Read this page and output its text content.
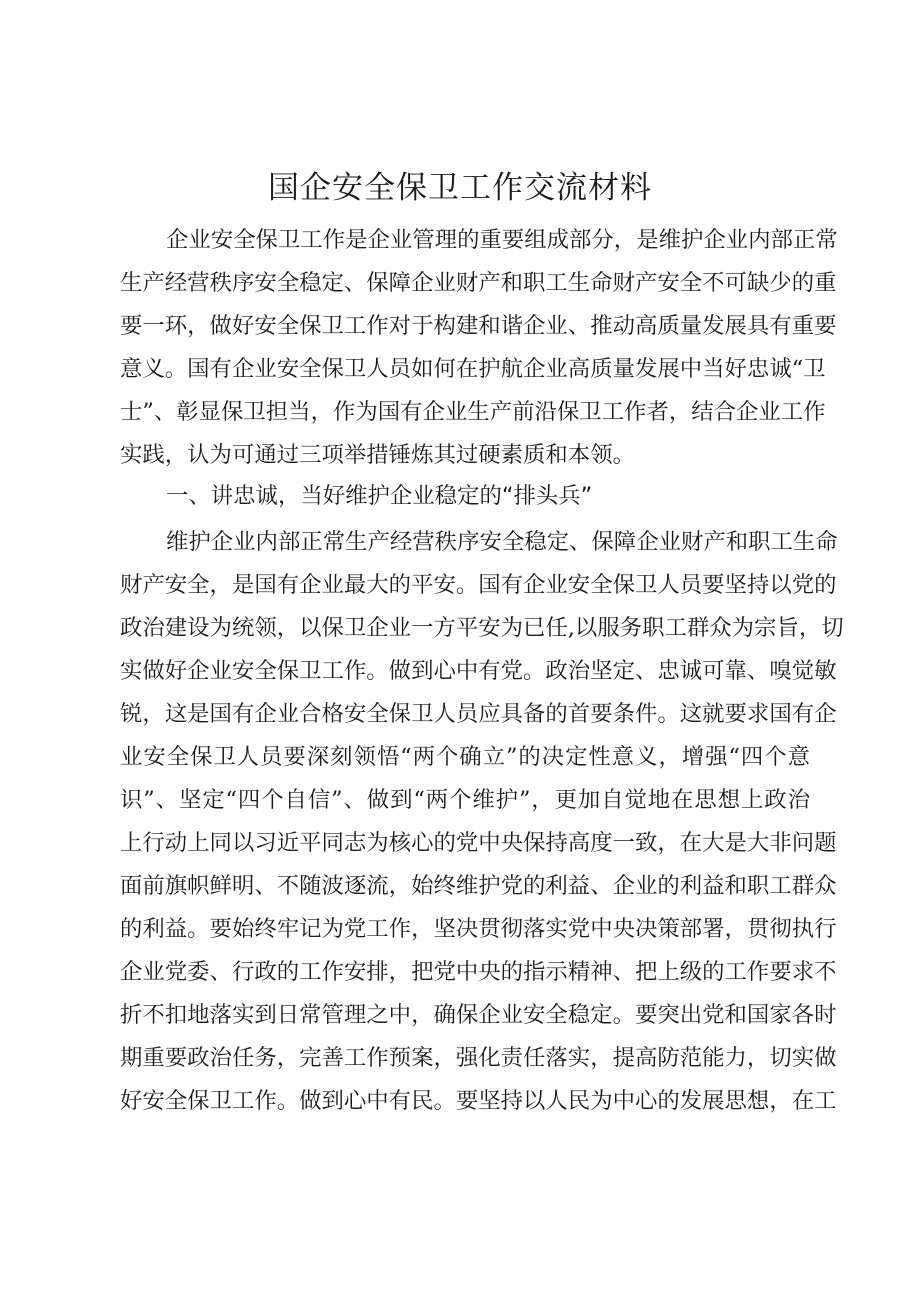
国企安全保卫工作交流材料
企业安全保卫工作是企业管理的重要组成部分，是维护企业内部正常
生产经营秩序安全稳定、保障企业财产和职工生命财产安全不可缺少的重
要一环，做好安全保卫工作对于构建和谐企业、推动高质量发展具有重要
意义。国有企业安全保卫人员如何在护航企业高质量发展中当好忠诚“卫
士”、彰显保卫担当，作为国有企业生产前沿保卫工作者，结合企业工作
实践，认为可通过三项举措锤炼其过硬素质和本领。
一、讲忠诚，当好维护企业稳定的“排头兵”
维护企业内部正常生产经营秩序安全稳定、保障企业财产和职工生命
财产安全，是国有企业最大的平安。国有企业安全保卫人员要坚持以党的
政治建设为统领，以保卫企业一方平安为已任,以服务职工群众为宗旨，切
实做好企业安全保卫工作。做到心中有党。政治坚定、忠诚可靠、嗅觉敏
锐，这是国有企业合格安全保卫人员应具备的首要条件。这就要求国有企
业安全保卫人员要深刻领悟“两个确立”的决定性意义，增强“四个意
识”、坚定“四个自信”、做到“两个维护”，更加自觉地在思想上政治
上行动上同以习近平同志为核心的党中央保持高度一致，在大是大非问题
面前旗帜鲜明、不随波逐流，始终维护党的利益、企业的利益和职工群众
的利益。要始终牢记为党工作，坚决贯彻落实党中央决策部署，贯彻执行
企业党委、行政的工作安排，把党中央的指示精神、把上级的工作要求不
折不扣地落实到日常管理之中，确保企业安全稳定。要突出党和国家各时
期重要政治任务，完善工作预案，强化责任落实，提高防范能力，切实做
好安全保卫工作。做到心中有民。要坚持以人民为中心的发展思想，在工
